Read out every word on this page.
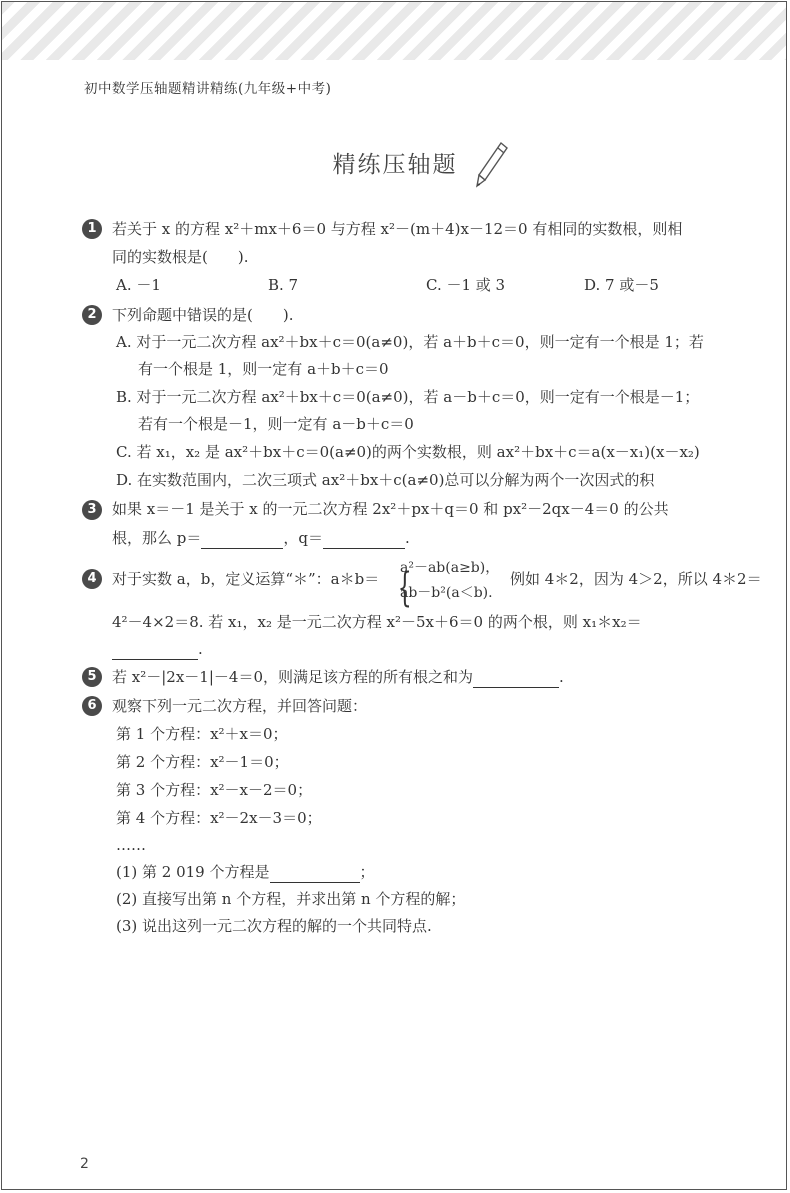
初中数学压轴题精讲精练(九年级+中考)
精练压轴题
1	若关于 x 的方程 x²＋mx＋6＝0 与方程 x²－(m＋4)x－12＝0 有相同的实数根，则相
同的实数根是(　　).
A. －1	B. 7	C. －1 或 3	D. 7 或－5
2	下列命题中错误的是(　　).
A. 对于一元二次方程 ax²＋bx＋c＝0(a≠0)，若 a＋b＋c＝0，则一定有一个根是 1；若
有一个根是 1，则一定有 a＋b＋c＝0
B. 对于一元二次方程 ax²＋bx＋c＝0(a≠0)，若 a－b＋c＝0，则一定有一个根是－1；
若有一个根是－1，则一定有 a－b＋c＝0
C. 若 x₁，x₂ 是 ax²＋bx＋c＝0(a≠0)的两个实数根，则 ax²＋bx＋c＝a(x－x₁)(x－x₂)
D. 在实数范围内，二次三项式 ax²＋bx＋c(a≠0)总可以分解为两个一次因式的积
3	如果 x＝－1 是关于 x 的一元二次方程 2x²＋px＋q＝0 和 px²－2qx－4＝0 的公共
根，那么 p＝	，q＝	.
4	对于实数 a，b，定义运算“＊”：a＊b＝ {
a²－ab(a≥b)，
ab－b²(a＜b).
例如 4＊2，因为 4＞2，所以 4＊2＝
4²－4×2＝8. 若 x₁，x₂ 是一元二次方程 x²－5x＋6＝0 的两个根，则 x₁＊x₂＝
.
5	若 x²－|2x－1|－4＝0，则满足该方程的所有根之和为	.
6	观察下列一元二次方程，并回答问题：
第 1 个方程：x²＋x＝0；
第 2 个方程：x²－1＝0；
第 3 个方程：x²－x－2＝0；
第 4 个方程：x²－2x－3＝0；
……
(1) 第 2 019 个方程是	；
(2) 直接写出第 n 个方程，并求出第 n 个方程的解；
(3) 说出这列一元二次方程的解的一个共同特点.
2
